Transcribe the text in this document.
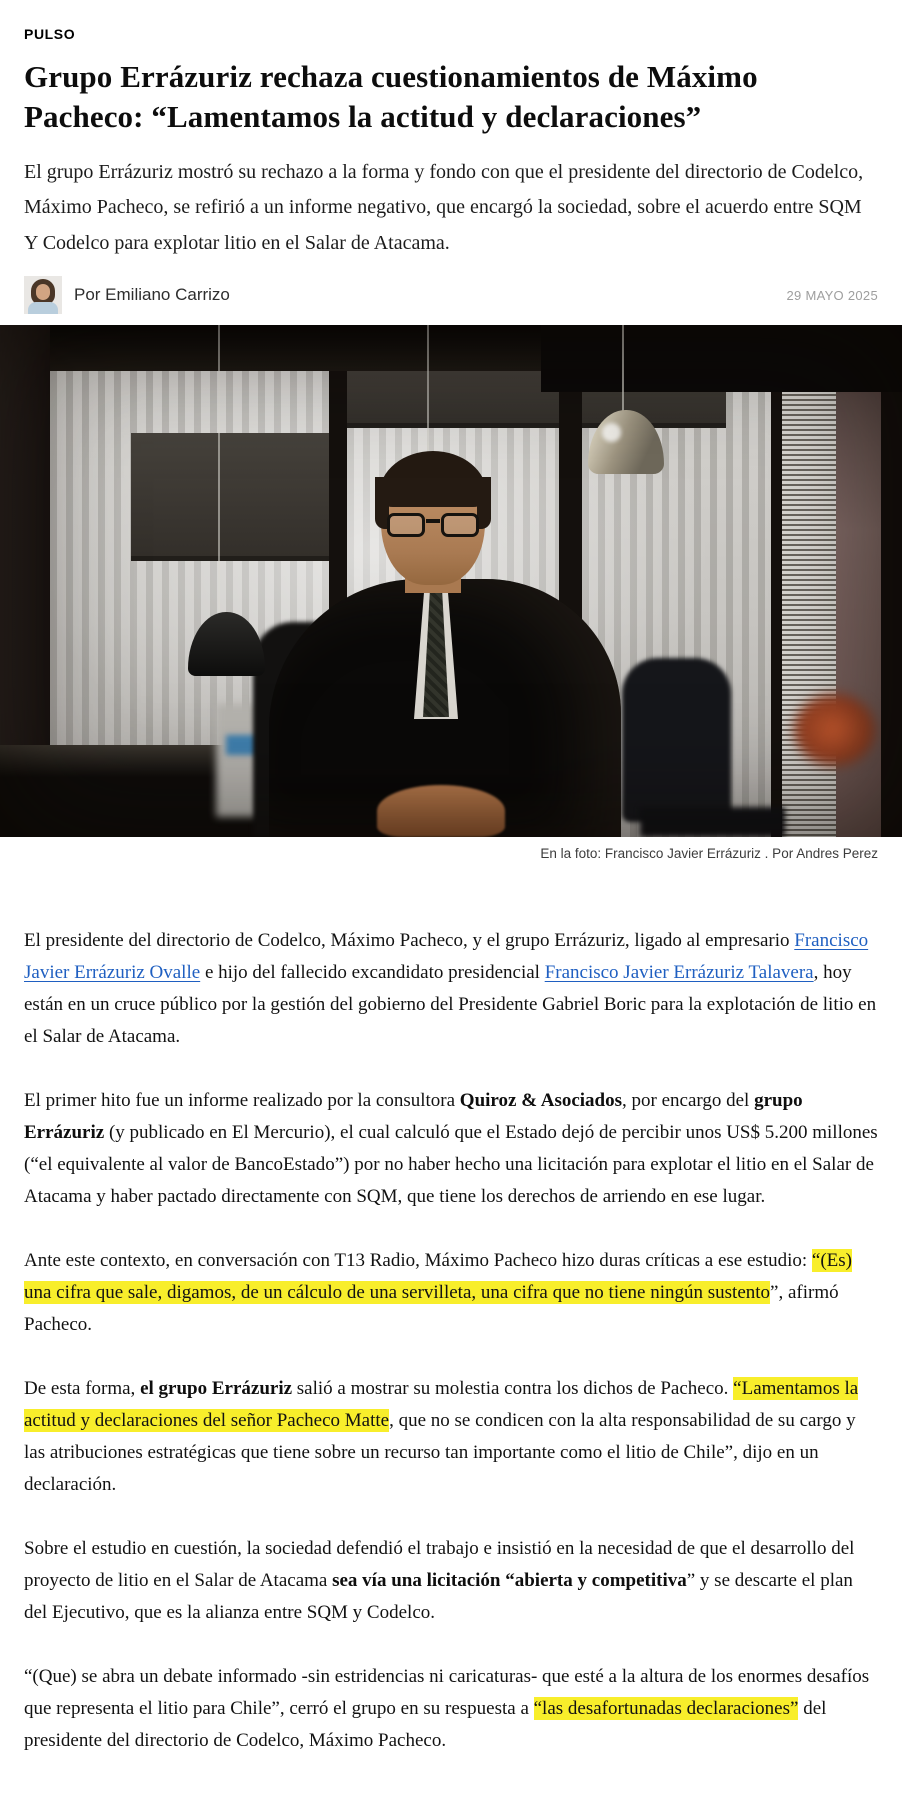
PULSO
Grupo Errázuriz rechaza cuestionamientos de Máximo Pacheco: “Lamentamos la actitud y declaraciones”

El grupo Errázuriz mostró su rechazo a la forma y fondo con que el presidente del directorio de Codelco, Máximo Pacheco, se refirió a un informe negativo, que encargó la sociedad, sobre el acuerdo entre SQM Y Codelco para explotar litio en el Salar de Atacama.

Por Emiliano Carrizo	29 MAYO 2025

En la foto: Francisco Javier Errázuriz . Por Andres Perez

El presidente del directorio de Codelco, Máximo Pacheco, y el grupo Errázuriz, ligado al empresario Francisco Javier Errázuriz Ovalle e hijo del fallecido excandidato presidencial Francisco Javier Errázuriz Talavera, hoy están en un cruce público por la gestión del gobierno del Presidente Gabriel Boric para la explotación de litio en el Salar de Atacama.

El primer hito fue un informe realizado por la consultora Quiroz & Asociados, por encargo del grupo Errázuriz (y publicado en El Mercurio), el cual calculó que el Estado dejó de percibir unos US$ 5.200 millones (“el equivalente al valor de BancoEstado”) por no haber hecho una licitación para explotar el litio en el Salar de Atacama y haber pactado directamente con SQM, que tiene los derechos de arriendo en ese lugar.

Ante este contexto, en conversación con T13 Radio, Máximo Pacheco hizo duras críticas a ese estudio: “(Es) una cifra que sale, digamos, de un cálculo de una servilleta, una cifra que no tiene ningún sustento”, afirmó Pacheco.

De esta forma, el grupo Errázuriz salió a mostrar su molestia contra los dichos de Pacheco. “Lamentamos la actitud y declaraciones del señor Pacheco Matte, que no se condicen con la alta responsabilidad de su cargo y las atribuciones estratégicas que tiene sobre un recurso tan importante como el litio de Chile”, dijo en un declaración.

Sobre el estudio en cuestión, la sociedad defendió el trabajo e insistió en la necesidad de que el desarrollo del proyecto de litio en el Salar de Atacama sea vía una licitación “abierta y competitiva” y se descarte el plan del Ejecutivo, que es la alianza entre SQM y Codelco.

“(Que) se abra un debate informado -sin estridencias ni caricaturas- que esté a la altura de los enormes desafíos que representa el litio para Chile”, cerró el grupo en su respuesta a “las desafortunadas declaraciones” del presidente del directorio de Codelco, Máximo Pacheco.
